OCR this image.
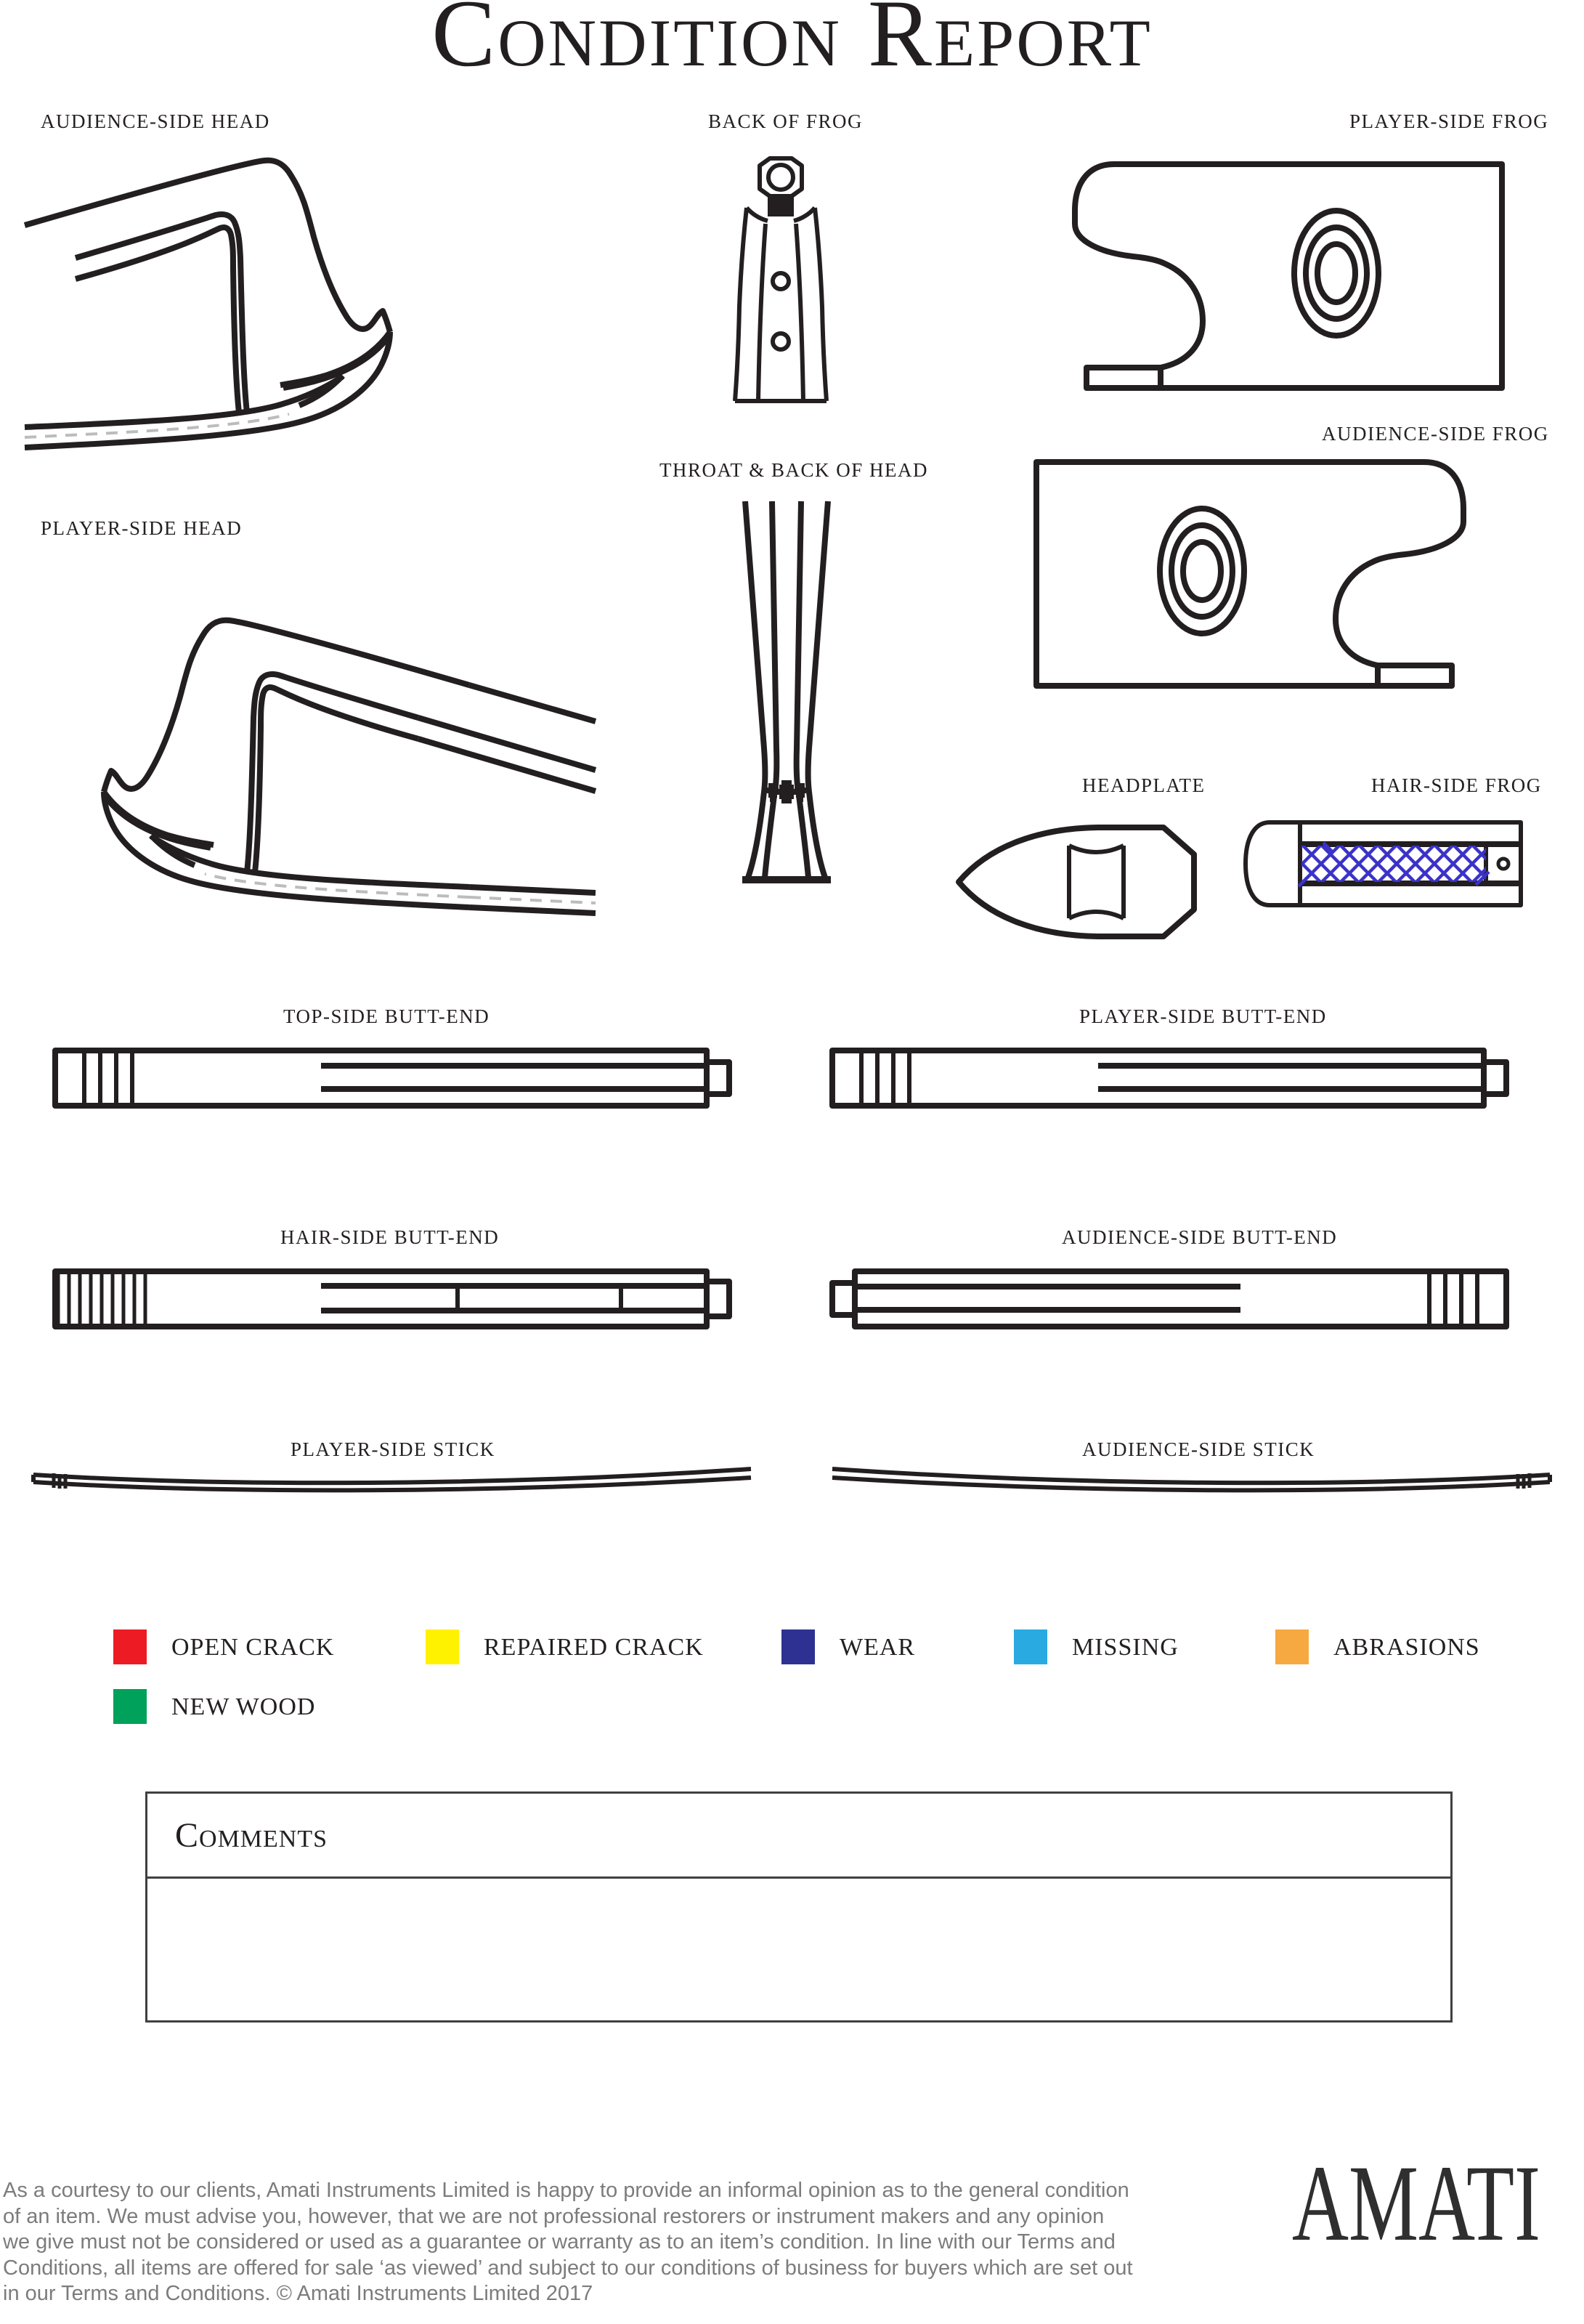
Condition Report
AUDIENCE-SIDE HEAD	BACK OF FROG	PLAYER-SIDE FROG
PLAYER-SIDE HEAD
THROAT & BACK OF HEAD
AUDIENCE-SIDE FROG
HEADPLATE	HAIR-SIDE FROG
TOP-SIDE BUTT-END	PLAYER-SIDE BUTT-END
HAIR-SIDE BUTT-END	AUDIENCE-SIDE BUTT-END
PLAYER-SIDE STICK	AUDIENCE-SIDE STICK
OPEN CRACK	REPAIRED CRACK	WEAR	MISSING	ABRASIONS
NEW WOOD
Comments
As a courtesy to our clients, Amati Instruments Limited is happy to provide an informal opinion as to the general condition of an item. We must advise you, however, that we are not professional restorers or instrument makers and any opinion we give must not be considered or used as a guarantee or warranty as to an item’s condition. In line with our Terms and Conditions, all items are offered for sale ‘as viewed’ and subject to our conditions of business for buyers which are set out in our Terms and Conditions. © Amati Instruments Limited 2017
AMATI
